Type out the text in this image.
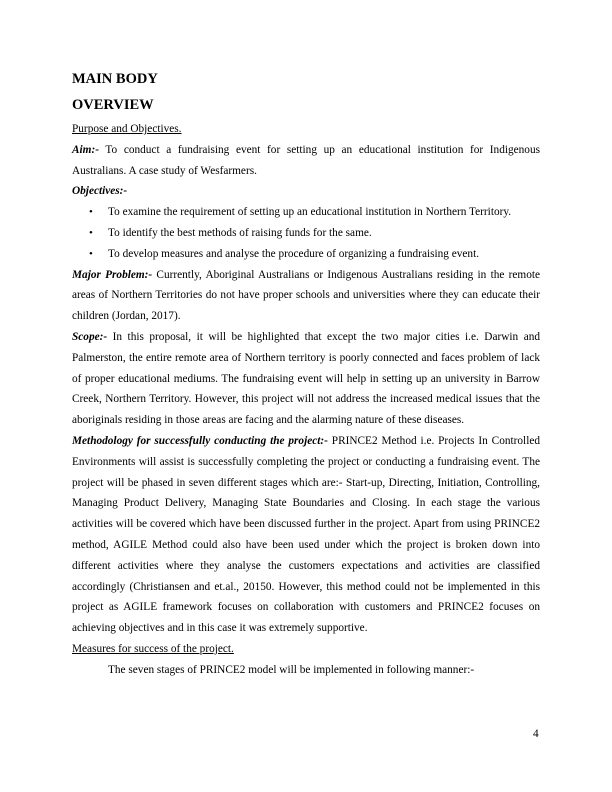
MAIN BODY
OVERVIEW

Purpose and Objectives.

Aim:- To conduct a fundraising event for setting up an educational institution for Indigenous Australians. A case study of Wesfarmers.

Objectives:-

• To examine the requirement of setting up an educational institution in Northern Territory.
• To identify the best methods of raising funds for the same.
• To develop measures and analyse the procedure of organizing a fundraising event.

Major Problem:- Currently, Aboriginal Australians or Indigenous Australians residing in the remote areas of Northern Territories do not have proper schools and universities where they can educate their children (Jordan, 2017).

Scope:- In this proposal, it will be highlighted that except the two major cities i.e. Darwin and Palmerston, the entire remote area of Northern territory is poorly connected and faces problem of lack of proper educational mediums. The fundraising event will help in setting up an university in Barrow Creek, Northern Territory. However, this project will not address the increased medical issues that the aboriginals residing in those areas are facing and the alarming nature of these diseases.

Methodology for successfully conducting the project:- PRINCE2 Method i.e. Projects In Controlled Environments will assist is successfully completing the project or conducting a fundraising event. The project will be phased in seven different stages which are:- Start-up, Directing, Initiation, Controlling, Managing Product Delivery, Managing State Boundaries and Closing. In each stage the various activities will be covered which have been discussed further in the project. Apart from using PRINCE2 method, AGILE Method could also have been used under which the project is broken down into different activities where they analyse the customers expectations and activities are classified accordingly (Christiansen and et.al., 20150. However, this method could not be implemented in this project as AGILE framework focuses on collaboration with customers and PRINCE2 focuses on achieving objectives and in this case it was extremely supportive.

Measures for success of the project.

The seven stages of PRINCE2 model will be implemented in following manner:-

4
